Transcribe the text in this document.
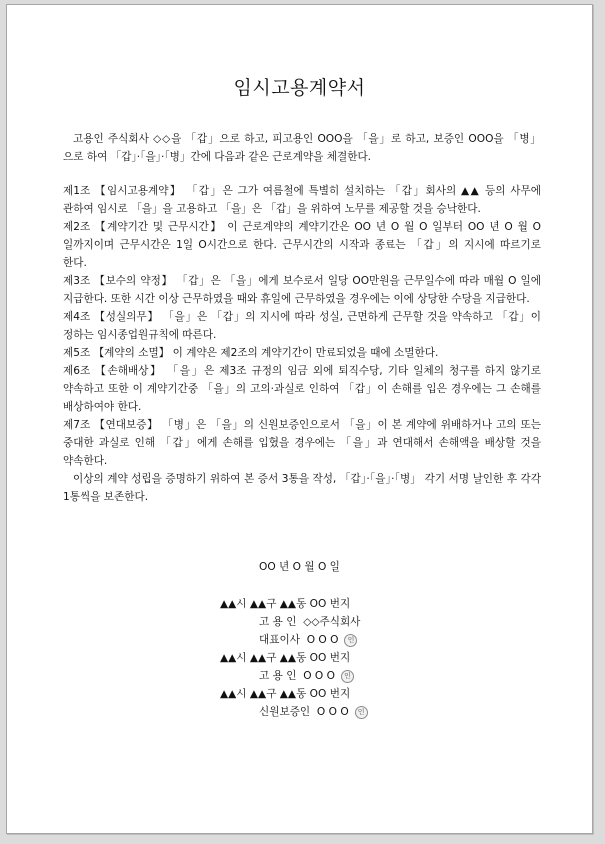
임시고용계약서

고용인 주식회사 ◇◇을 「갑」으로 하고, 피고용인 OOO을 「을」로 하고, 보증인 OOO을 「병」으로 하여 「갑」·「을」·「병」간에 다음과 같은 근로계약을 체결한다.

제1조 【임시고용계약】 「갑」은 그가 여름철에 특별히 설치하는 「갑」회사의 ▲▲ 등의 사무에 관하여 임시로 「을」을 고용하고 「을」은 「갑」을 위하여 노무를 제공할 것을 승낙한다.

제2조 【계약기간 및 근무시간】 이 근로계약의 계약기간은 OO 년 O 월 O 일부터 OO 년 O 월 O 일까지이며 근무시간은 1일 O시간으로 한다. 근무시간의 시작과 종료는 「갑」의 지시에 따르기로 한다.

제3조 【보수의 약정】 「갑」은 「을」에게 보수로서 일당 OO만원을 근무일수에 따라 매월 O 일에 지급한다. 또한 시간 이상 근무하였을 때와 휴일에 근무하였을 경우에는 이에 상당한 수당을 지급한다.

제4조 【성실의무】 「을」은 「갑」의 지시에 따라 성실, 근면하게 근무할 것을 약속하고 「갑」이 정하는 임시종업원규칙에 따른다.

제5조 【계약의 소멸】 이 계약은 제2조의 계약기간이 만료되었을 때에 소멸한다.

제6조 【손해배상】 「을」은 제3조 규정의 임금 외에 퇴직수당, 기타 일체의 청구를 하지 않기로 약속하고 또한 이 계약기간중 「을」의 고의·과실로 인하여 「갑」이 손해를 입은 경우에는 그 손해를 배상하여야 한다.

제7조 【연대보증】 「병」은 「을」의 신원보증인으로서 「을」이 본 계약에 위배하거나 고의 또는 중대한 과실로 인해 「갑」에게 손해를 입혔을 경우에는 「을」과 연대해서 손해액을 배상할 것을 약속한다.

이상의 계약 성립을 증명하기 위하여 본 증서 3통을 작성, 「갑」·「을」·「병」 각기 서명 날인한 후 각각 1통씩을 보존한다.

OO 년 O 월 O 일
▲▲시 ▲▲구 ▲▲동 OO 번지
고 용 인 ◇◇주식회사
대표이사 O O O 인
▲▲시 ▲▲구 ▲▲동 OO 번지
고 용 인 O O O 인
▲▲시 ▲▲구 ▲▲동 OO 번지
신원보증인 O O O 인
